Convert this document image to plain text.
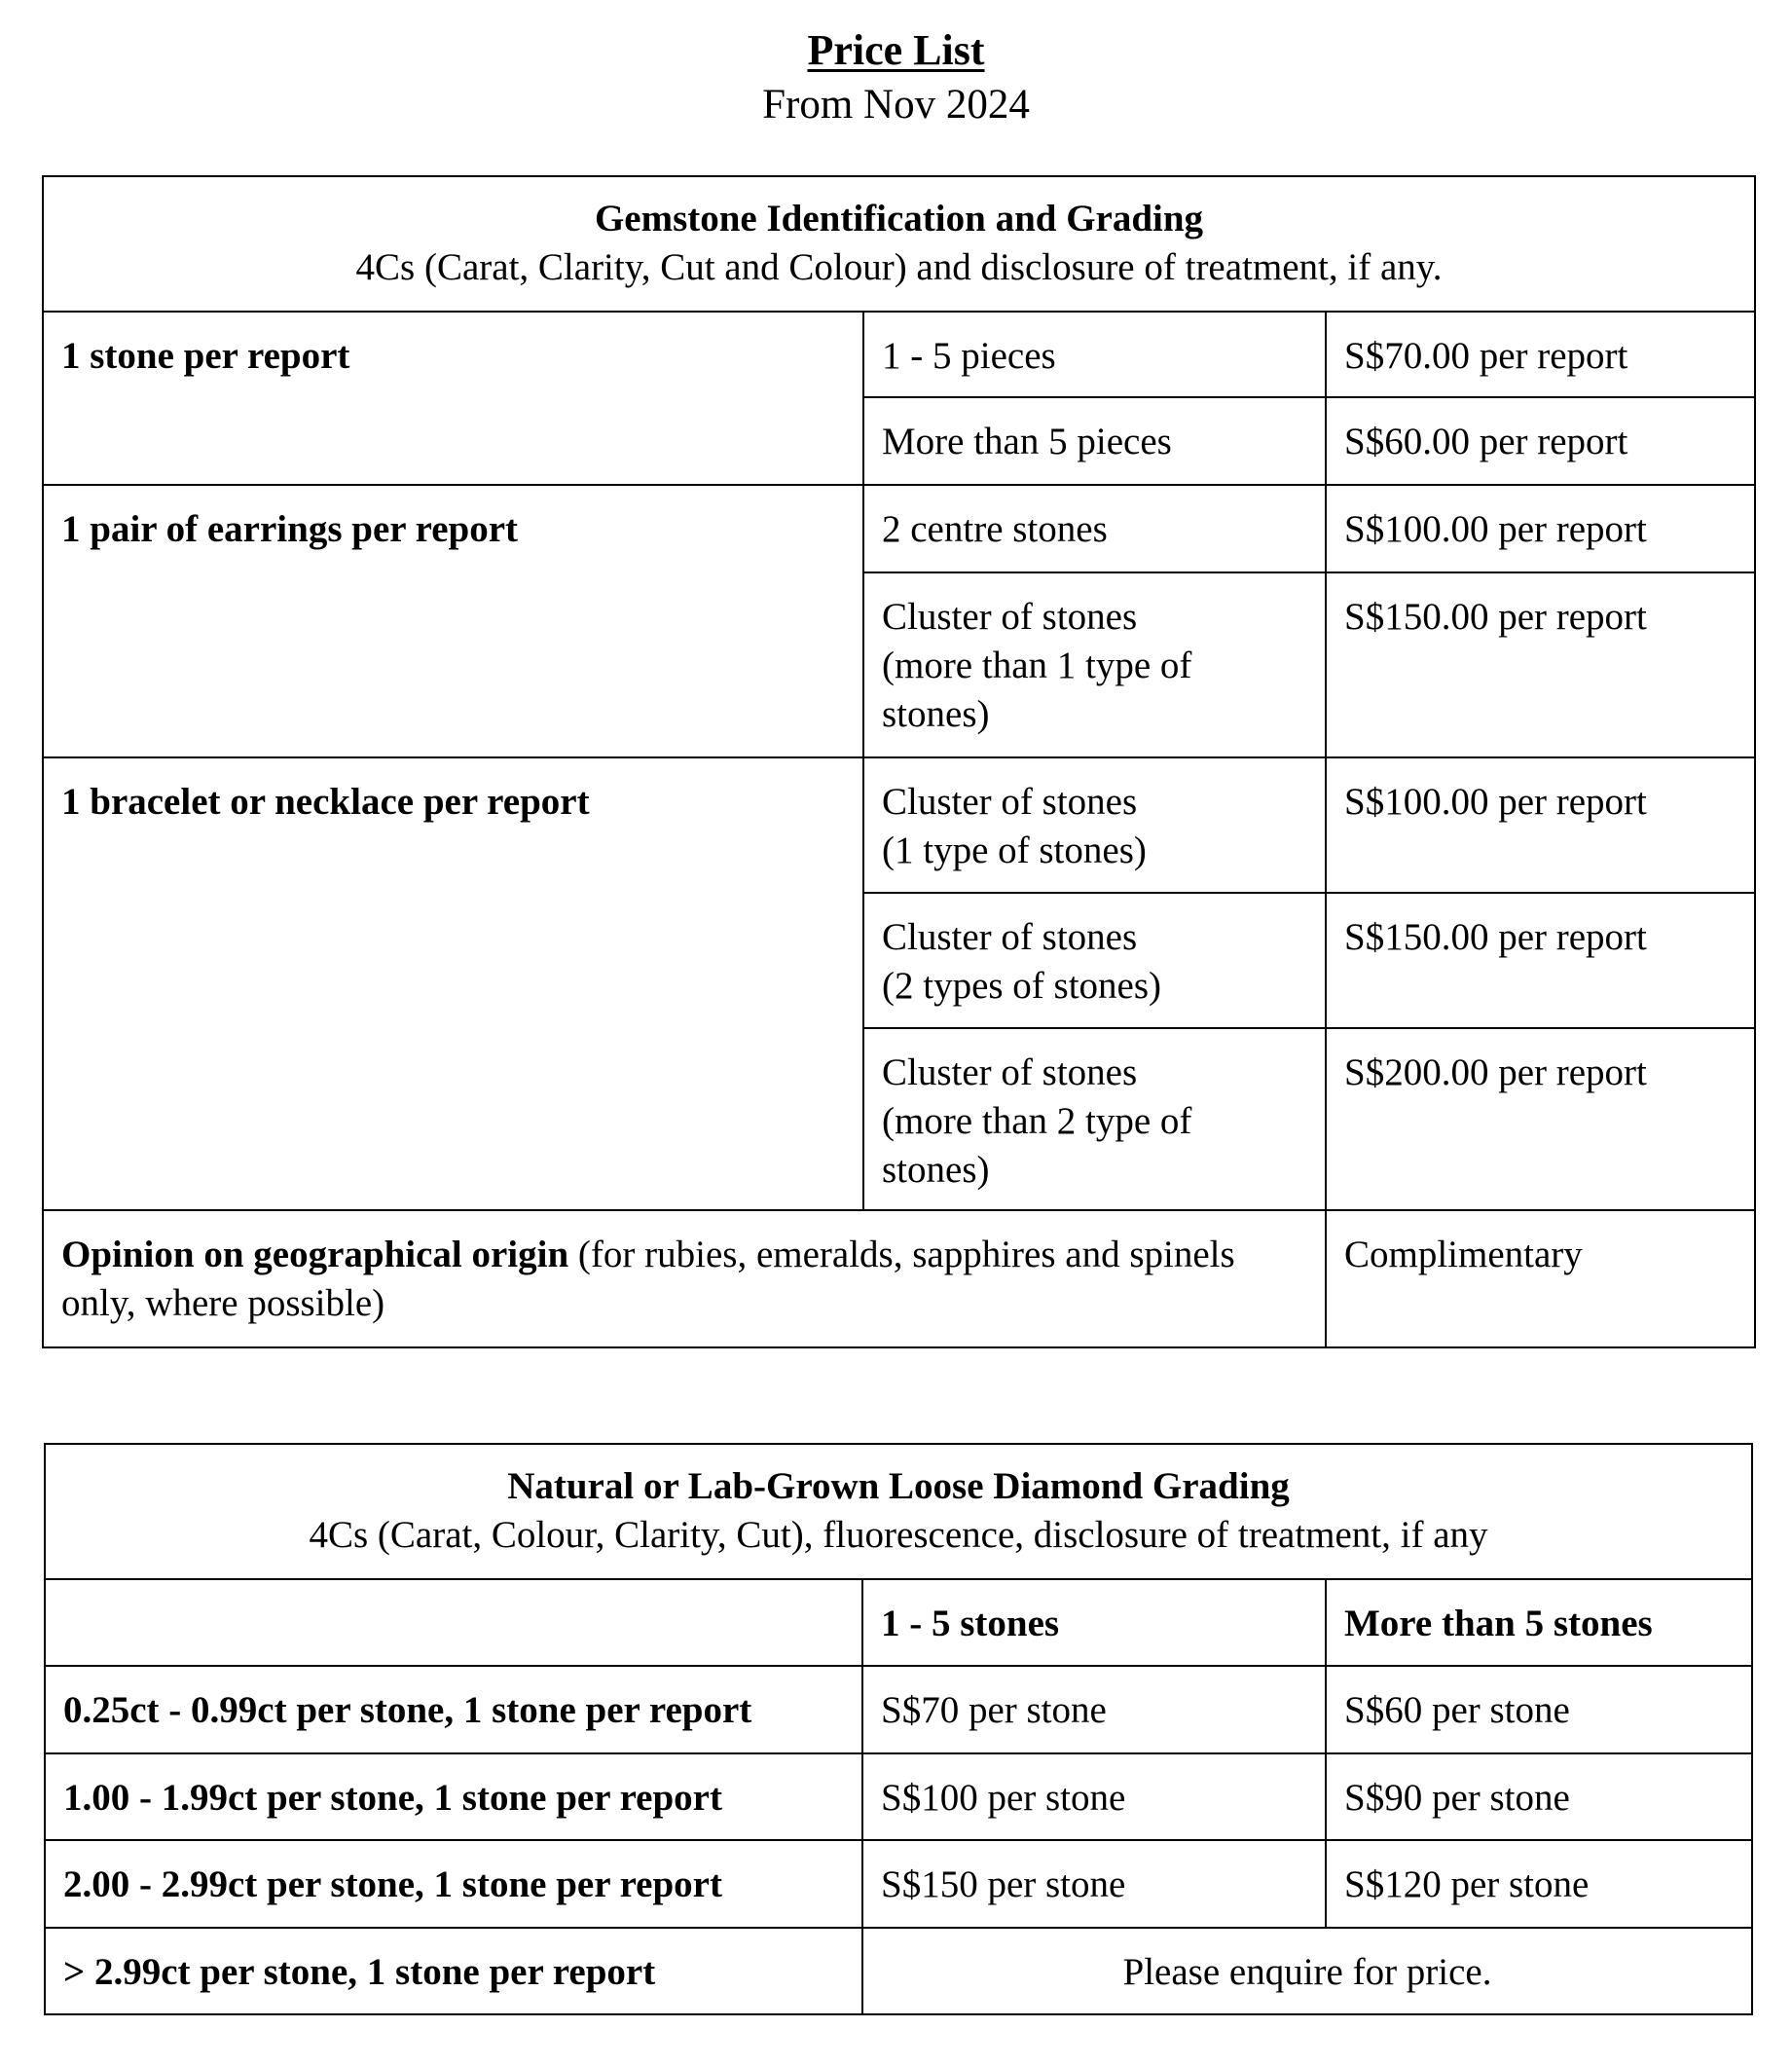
Price List
From Nov 2024
Gemstone Identification and Grading
4Cs (Carat, Clarity, Cut and Colour) and disclosure of treatment, if any.		

1 stone per report	1 - 5 pieces	S$70.00 per report
	More than 5 pieces	S$60.00 per report
1 pair of earrings per report	2 centre stones	S$100.00 per report
	Cluster of stones
(more than 1 type of
stones)	S$150.00 per report
1 bracelet or necklace per report	Cluster of stones
(1 type of stones)	S$100.00 per report
	Cluster of stones
(2 types of stones)	S$150.00 per report
	Cluster of stones
(more than 2 type of
stones)	S$200.00 per report
Opinion on geographical origin (for rubies, emeralds, sapphires and spinels only, where possible)		Complimentary
Natural or Lab-Grown Loose Diamond Grading
4Cs (Carat, Colour, Clarity, Cut), fluorescence, disclosure of treatment, if any		

	1 - 5 stones	More than 5 stones
0.25ct - 0.99ct per stone, 1 stone per report	S$70 per stone	S$60 per stone
1.00 - 1.99ct per stone, 1 stone per report	S$100 per stone	S$90 per stone
2.00 - 2.99ct per stone, 1 stone per report	S$150 per stone	S$120 per stone
> 2.99ct per stone, 1 stone per report	Please enquire for price.	
